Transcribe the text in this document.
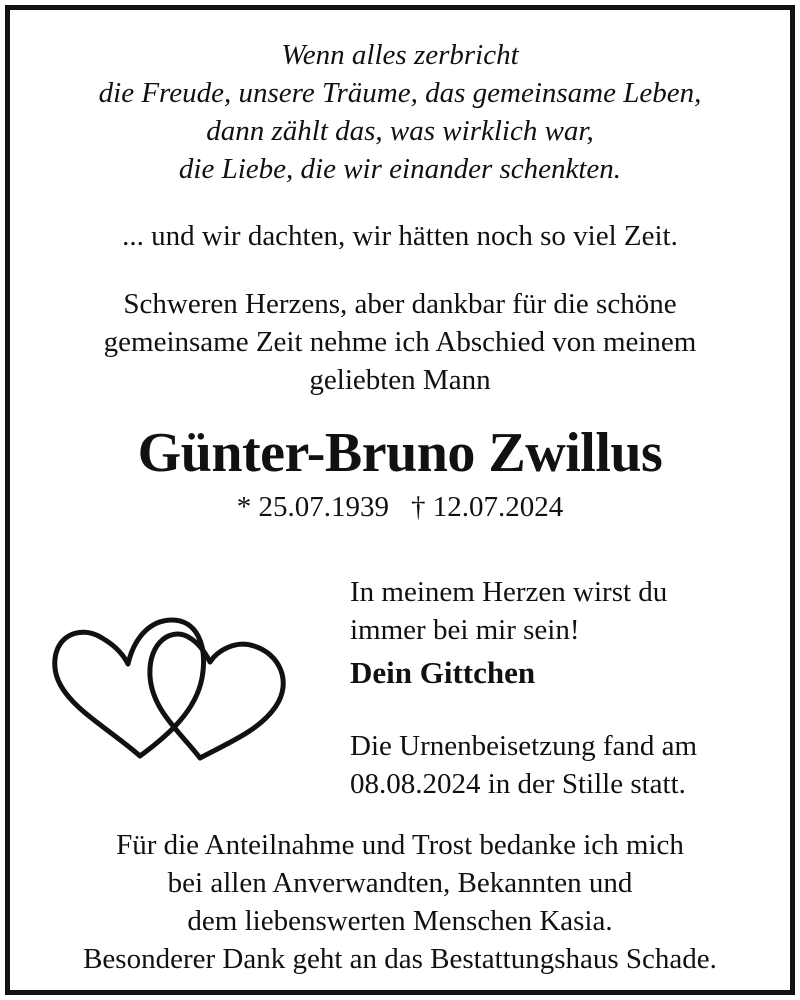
Wenn alles zerbricht
die Freude, unsere Träume, das gemeinsame Leben,
dann zählt das, was wirklich war,
die Liebe, die wir einander schenkten.
... und wir dachten, wir hätten noch so viel Zeit.
Schweren Herzens, aber dankbar für die schöne
gemeinsame Zeit nehme ich Abschied von meinem
geliebten Mann
Günter-Bruno Zwillus
* 25.07.1939 † 12.07.2024
In meinem Herzen wirst du
immer bei mir sein!
Dein Gittchen
Die Urnenbeisetzung fand am
08.08.2024 in der Stille statt.
Für die Anteilnahme und Trost bedanke ich mich
bei allen Anverwandten, Bekannten und
dem liebenswerten Menschen Kasia.
Besonderer Dank geht an das Bestattungshaus Schade.
